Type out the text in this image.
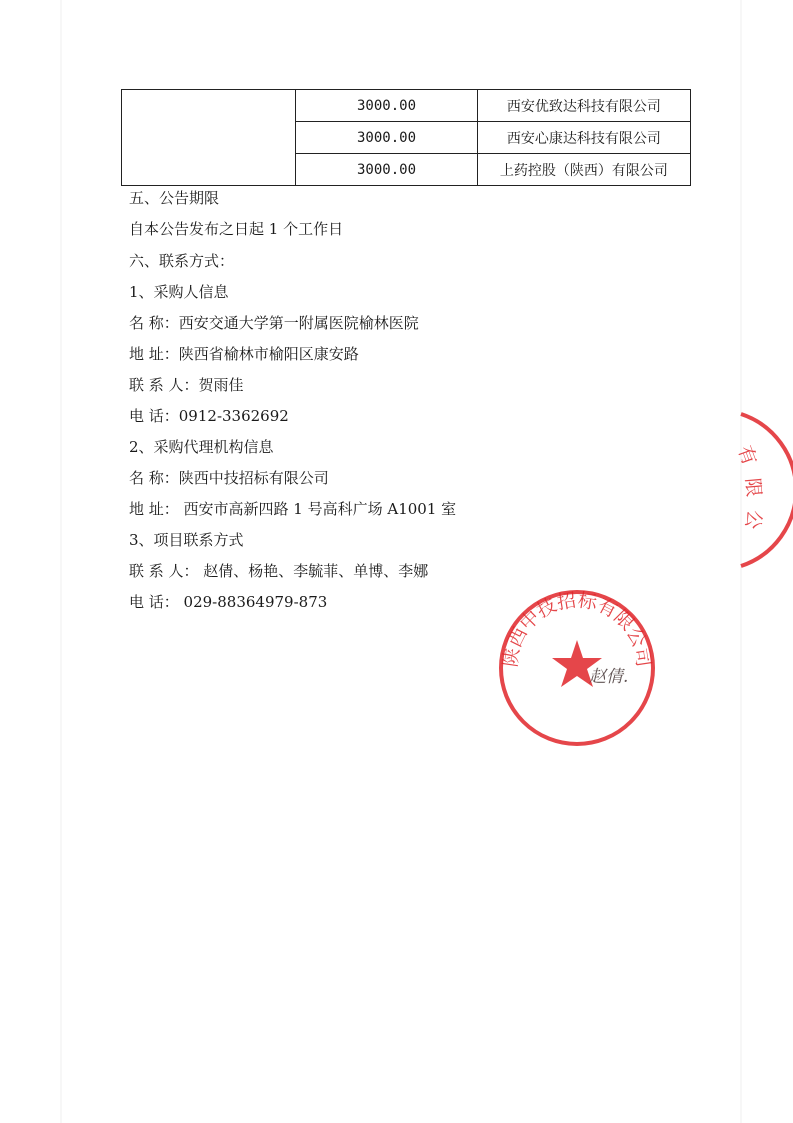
	3000.00	西安优致达科技有限公司
	3000.00	西安心康达科技有限公司
	3000.00	上药控股（陕西）有限公司
五、公告期限
自本公告发布之日起 1 个工作日
六、联系方式：
1、采购人信息
名 称：西安交通大学第一附属医院榆林医院
地 址：陕西省榆林市榆阳区康安路
联 系 人：贺雨佳
电 话：0912-3362692
2、采购代理机构信息
名 称：陕西中技招标有限公司
地 址： 西安市高新四路 1 号高科广场 A1001 室
3、项目联系方式
联 系 人： 赵倩、杨艳、李毓菲、单博、李娜
电 话： 029-88364979-873
陕西中技招标有限公司
赵倩.
有
限
公
